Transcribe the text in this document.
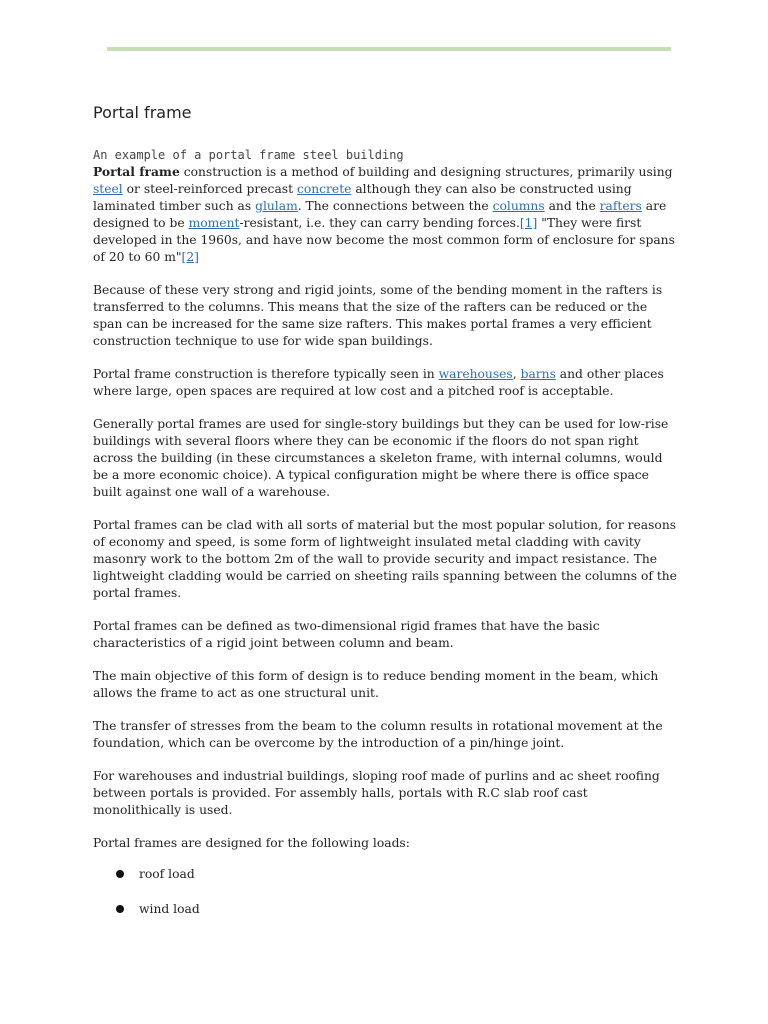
Portal frame
An example of a portal frame steel building

Portal frame construction is a method of building and designing structures, primarily using steel or steel-reinforced precast concrete although they can also be constructed using laminated timber such as glulam. The connections between the columns and the rafters are designed to be moment-resistant, i.e. they can carry bending forces.[1] "They were first developed in the 1960s, and have now become the most common form of enclosure for spans of 20 to 60 m"[2]

Because of these very strong and rigid joints, some of the bending moment in the rafters is transferred to the columns. This means that the size of the rafters can be reduced or the span can be increased for the same size rafters. This makes portal frames a very efficient construction technique to use for wide span buildings.

Portal frame construction is therefore typically seen in warehouses, barns and other places where large, open spaces are required at low cost and a pitched roof is acceptable.

Generally portal frames are used for single-story buildings but they can be used for low-rise buildings with several floors where they can be economic if the floors do not span right across the building (in these circumstances a skeleton frame, with internal columns, would be a more economic choice). A typical configuration might be where there is office space built against one wall of a warehouse.

Portal frames can be clad with all sorts of material but the most popular solution, for reasons of economy and speed, is some form of lightweight insulated metal cladding with cavity masonry work to the bottom 2m of the wall to provide security and impact resistance. The lightweight cladding would be carried on sheeting rails spanning between the columns of the portal frames.

Portal frames can be defined as two-dimensional rigid frames that have the basic characteristics of a rigid joint between column and beam.

The main objective of this form of design is to reduce bending moment in the beam, which allows the frame to act as one structural unit.

The transfer of stresses from the beam to the column results in rotational movement at the foundation, which can be overcome by the introduction of a pin/hinge joint.

For warehouses and industrial buildings, sloping roof made of purlins and ac sheet roofing between portals is provided. For assembly halls, portals with R.C slab roof cast monolithically is used.

Portal frames are designed for the following loads:

roof load
wind load
